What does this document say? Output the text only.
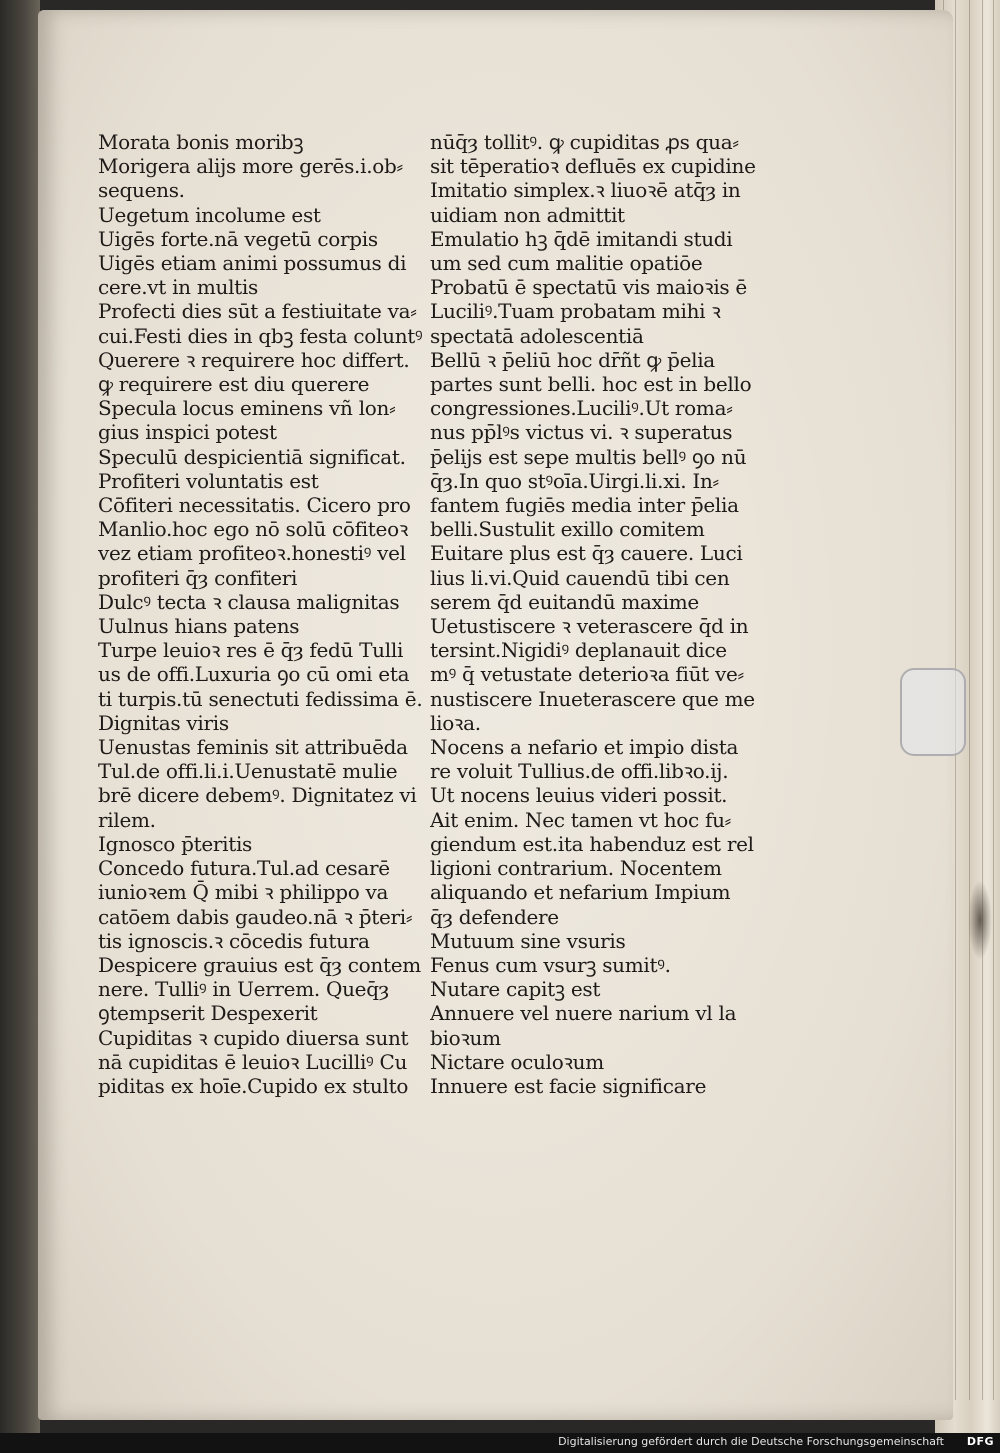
Morata bonis moribꝫ
Morigera alijs more gerēs.i.ob⸗
sequens.
Uegetum incolume est
Uigēs forte.nā vegetū corpis
Uigēs etiam animi possumus di
cere.vt in multis
Profecti dies sūt a festiuitate va⸗
cui.Festi dies in qbꝫ festa coluntꝰ
Querere ꝛ requirere hoc differt.
ꝙ requirere est diu querere
Specula locus eminens vñ lon⸗
gius inspici potest
Speculū despicientiā significat.
Profiteri voluntatis est
Cōfiteri necessitatis. Cicero pro
Manlio.hoc ego nō solū cōfiteoꝛ
vez etiam profiteoꝛ.honestiꝰ vel
profiteri q̄ȝ confiteri
Dulcꝰ tecta ꝛ clausa malignitas
Uulnus hians patens
Turpe leuioꝛ res ē q̄ȝ fedū Tulli
us de offi.Luxuria ꝯo cū omi eta
ti turpis.tū senectuti fedissima ē.
Dignitas viris
Uenustas feminis sit attribuēda
Tul.de offi.li.i.Uenustatē mulie
brē dicere debemꝰ. Dignitatez vi
rilem.
Ignosco p̄teritis
Concedo futura.Tul.ad cesarē
iunioꝛem Q̄ mibi ꝛ philippo va
catōem dabis gaudeo.nā ꝛ p̄teri⸗
tis ignoscis.ꝛ cōcedis futura
Despicere grauius est q̄ȝ contem
nere. Tulliꝰ in Uerrem. Queq̄ȝ
ꝯtempserit Despexerit
Cupiditas ꝛ cupido diuersa sunt
nā cupiditas ē leuioꝛ Lucilliꝰ Cu
piditas ex hoīe.Cupido ex stulto
nūq̄ȝ tollitꝰ. ꝙ cupiditas ꝓs qua⸗
sit tēperatioꝛ defluēs ex cupidine
Imitatio simplex.ꝛ liuoꝛē atq̄ȝ in
uidiam non admittit
Emulatio hꝫ q̄dē imitandi studi
um sed cum malitie opatiōe
Probatū ē spectatū vis maioꝛis ē
Luciliꝰ.Tuam probatam mihi ꝛ
spectatā adolescentiā
Bellū ꝛ p̄eliū hoc dr̄ñt ꝙ p̄elia
partes sunt belli. hoc est in bello
congressiones.Luciliꝰ.Ut roma⸗
nus pp̄lꝰs victus vi. ꝛ superatus
p̄elijs est sepe multis bellꝰ ꝯo nū
q̄ȝ.In quo stꝰoīa.Uirgi.li.xi. In⸗
fantem fugiēs media inter p̄elia
belli.Sustulit exillo comitem
Euitare plus est q̄ȝ cauere. Luci
lius li.vi.Quid cauendū tibi cen
serem q̄d euitandū maxime
Uetustiscere ꝛ veterascere q̄d in
tersint.Nigidiꝰ deplanauit dice
mꝰ q̄ vetustate deterioꝛa fiūt ve⸗
nustiscere Inueterascere que me
lioꝛa.
Nocens a nefario et impio dista
re voluit Tullius.de offi.libꝛo.ij.
Ut nocens leuius videri possit.
Ait enim. Nec tamen vt hoc fu⸗
giendum est.ita habenduz est rel
ligioni contrarium. Nocentem
aliquando et nefarium Impium
q̄ȝ defendere
Mutuum sine vsuris
Fenus cum vsurꝫ sumitꝰ.
Nutare capitꝫ est
Annuere vel nuere narium vl la
bioꝛum
Nictare oculoꝛum
Innuere est facie significare
Digitalisierung gefördert durch die Deutsche Forschungsgemeinschaft DFG
